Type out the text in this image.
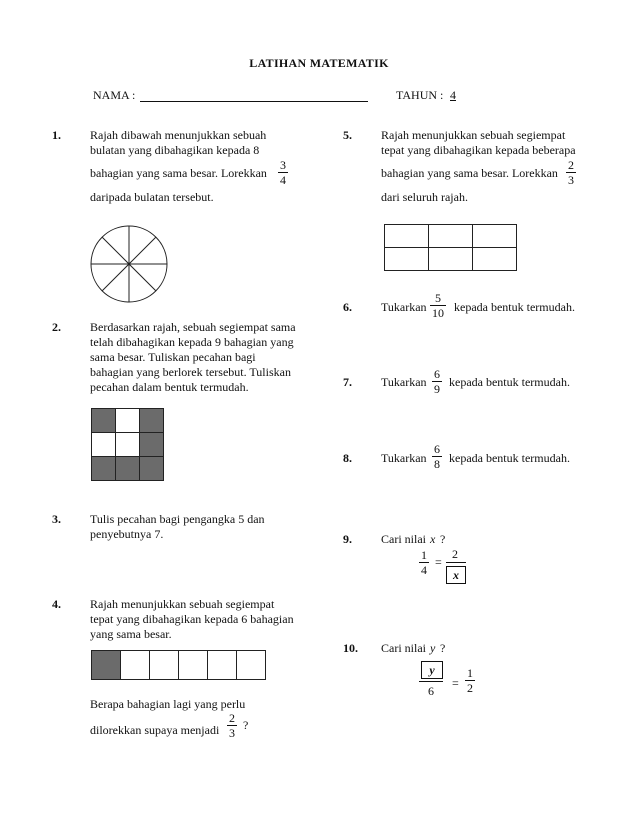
LATIHAN MATEMATIK
NAMA :	TAHUN : 4
1. Rajah dibawah menunjukkan sebuah
bulatan yang dibahagikan kepada 8
bahagian yang sama besar. Lorekkan
3
4
daripada bulatan tersebut.
2. Berdasarkan rajah, sebuah segiempat sama
telah dibahagikan kepada 9 bahagian yang
sama besar. Tuliskan pecahan bagi
bahagian yang berlorek tersebut. Tuliskan
pecahan dalam bentuk termudah.

3. Tulis pecahan bagi pengangka 5 dan
penyebutnya 7.
4. Rajah menunjukkan sebuah segiempat
tepat yang dibahagikan kepada 6 bahagian
yang sama besar.

Berapa bahagian lagi yang perlu
dilorekkan supaya menjadi
2
3
?
5. Rajah menunjukkan sebuah segiempat
tepat yang dibahagikan kepada beberapa
bahagian yang sama besar. Lorekkan
2
3
dari seluruh rajah.

6. Tukarkan
5
10 kepada bentuk termudah.
7. Tukarkan
6
9 kepada bentuk termudah.
8. Tukarkan
6
8 kepada bentuk termudah.
9. Cari nilai x ?
1
4
=
2
x
10. Cari nilai y ?
y
6
=
1
2
